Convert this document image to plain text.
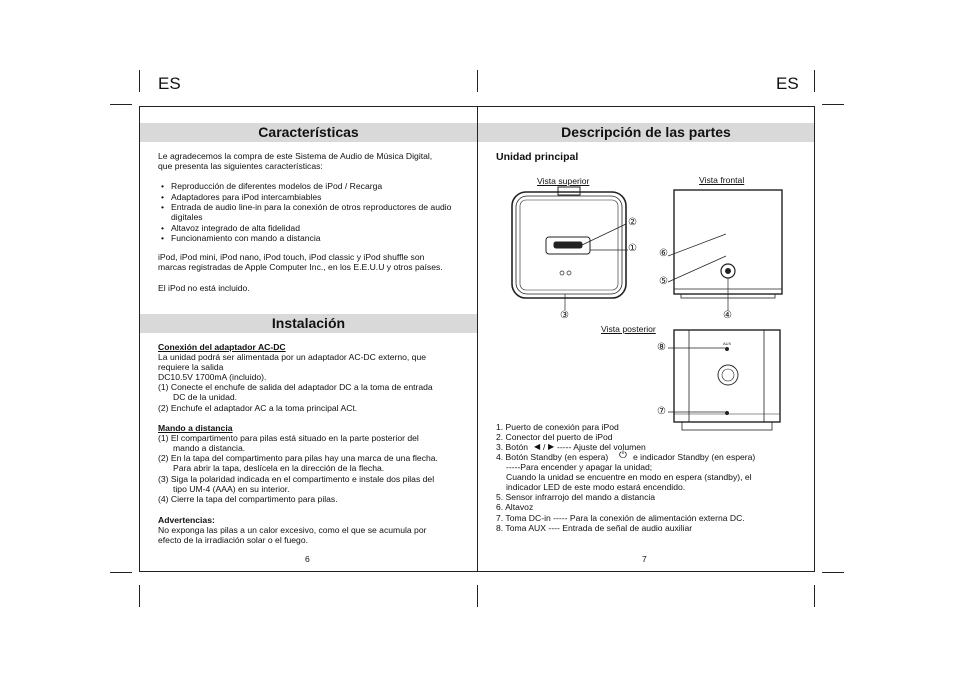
ES	ES
Características
Le agradecemos la compra de este Sistema de Audio de Música Digital,
que presenta las siguientes características:
• Reproducción de diferentes modelos de iPod / Recarga
• Adaptadores para iPod intercambiables
• Entrada de audio line-in para la conexión de otros reproductores de audio
digitales
• Altavoz integrado de alta fidelidad
• Funcionamiento con mando a distancia
iPod, iPod mini, iPod nano, iPod touch, iPod classic y iPod shuffle son
marcas registradas de Apple Computer Inc., en los E.E.U.U y otros países.
El iPod no está incluido.
Instalación
Conexión del adaptador AC-DC
La unidad podrá ser alimentada por un adaptador AC-DC externo, que
requiere la salida
DC10.5V 1700mA (incluido).
(1) Conecte el enchufe de salida del adaptador DC a la toma de entrada
DC de la unidad.
(2) Enchufe el adaptador AC a la toma principal ACt.
Mando a distancia
(1) El compartimento para pilas está situado en la parte posterior del
mando a distancia.
(2) En la tapa del compartimento para pilas hay una marca de una flecha.
Para abrir la tapa, deslícela en la dirección de la flecha.
(3) Siga la polaridad indicada en el compartimento e instale dos pilas del
tipo UM-4 (AAA) en su interior.
(4) Cierre la tapa del compartimento para pilas.
Advertencias:
No exponga las pilas a un calor excesivo, como el que se acumula por
efecto de la irradiación solar o el fuego.
6
Descripción de las partes
Unidad principal
Vista superior	Vista frontal
Vista posterior
②
①
③
⑥
⑤
④
⑧
⑦
AUX
1. Puerto de conexión para iPod
2. Conector del puerto de iPod
3. Botón ◀ / ▶ ----- Ajuste del volumen
4. Botón Standby (en espera) ⏻ e indicador Standby (en espera)
-----Para encender y apagar la unidad;
Cuando la unidad se encuentre en modo en espera (standby), el
indicador LED de este modo estará encendido.
5. Sensor infrarrojo del mando a distancia
6. Altavoz
7. Toma DC-in ----- Para la conexión de alimentación externa DC.
8. Toma AUX ---- Entrada de señal de audio auxiliar
7
